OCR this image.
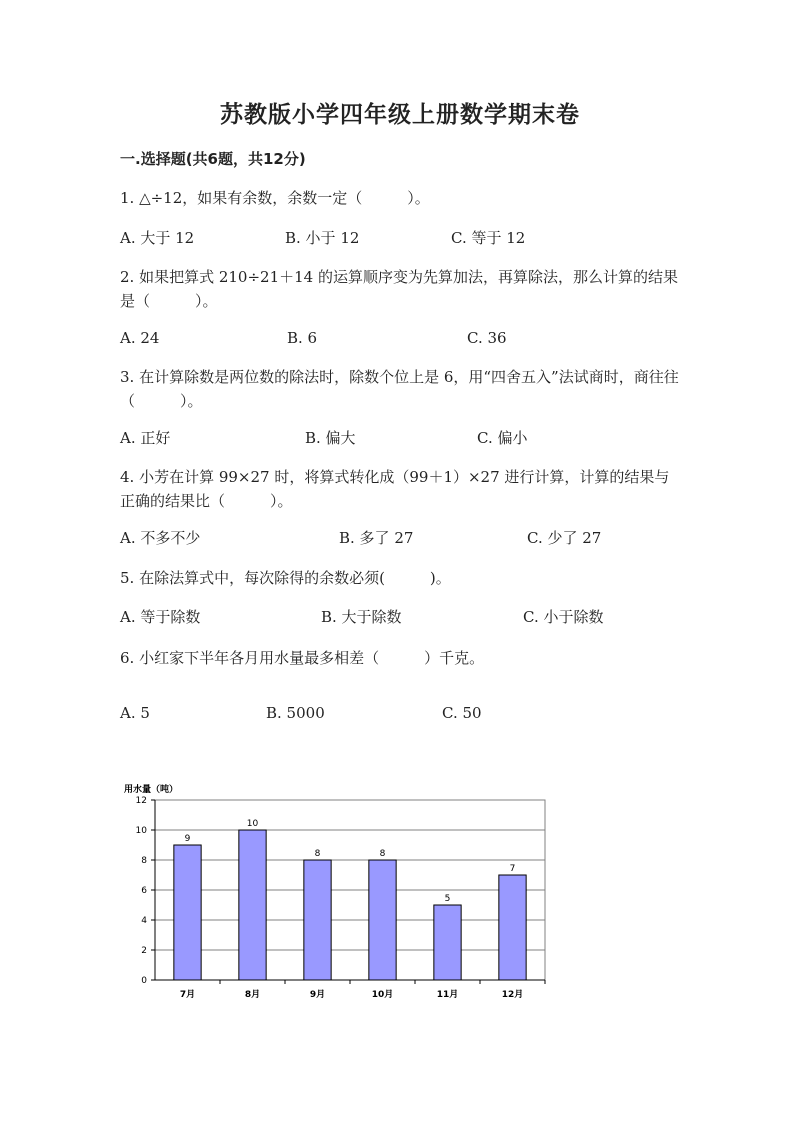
苏教版小学四年级上册数学期末卷
一.选择题(共6题，共12分)
1. △÷12，如果有余数，余数一定（　　　）。
A. 大于 12	B. 小于 12	C. 等于 12
2. 如果把算式 210÷21＋14 的运算顺序变为先算加法，再算除法，那么计算的结果是（　　　）。
A. 24	B. 6	C. 36
3. 在计算除数是两位数的除法时，除数个位上是 6，用“四舍五入”法试商时，商往往（　　　）。
A. 正好	B. 偏大	C. 偏小
4. 小芳在计算 99×27 时，将算式转化成（99＋1）×27 进行计算，计算的结果与正确的结果比（　　　）。
A. 不多不少	B. 多了 27	C. 少了 27
5. 在除法算式中，每次除得的余数必须(　　　)。
A. 等于除数	B. 大于除数	C. 小于除数
6. 小红家下半年各月用水量最多相差（　　　）千克。
A. 5	B. 5000	C. 50
用水量（吨）
0
2
4
6
8
10
12
9
7月
10
8月
8
9月
8
10月
5
11月
7
12月
